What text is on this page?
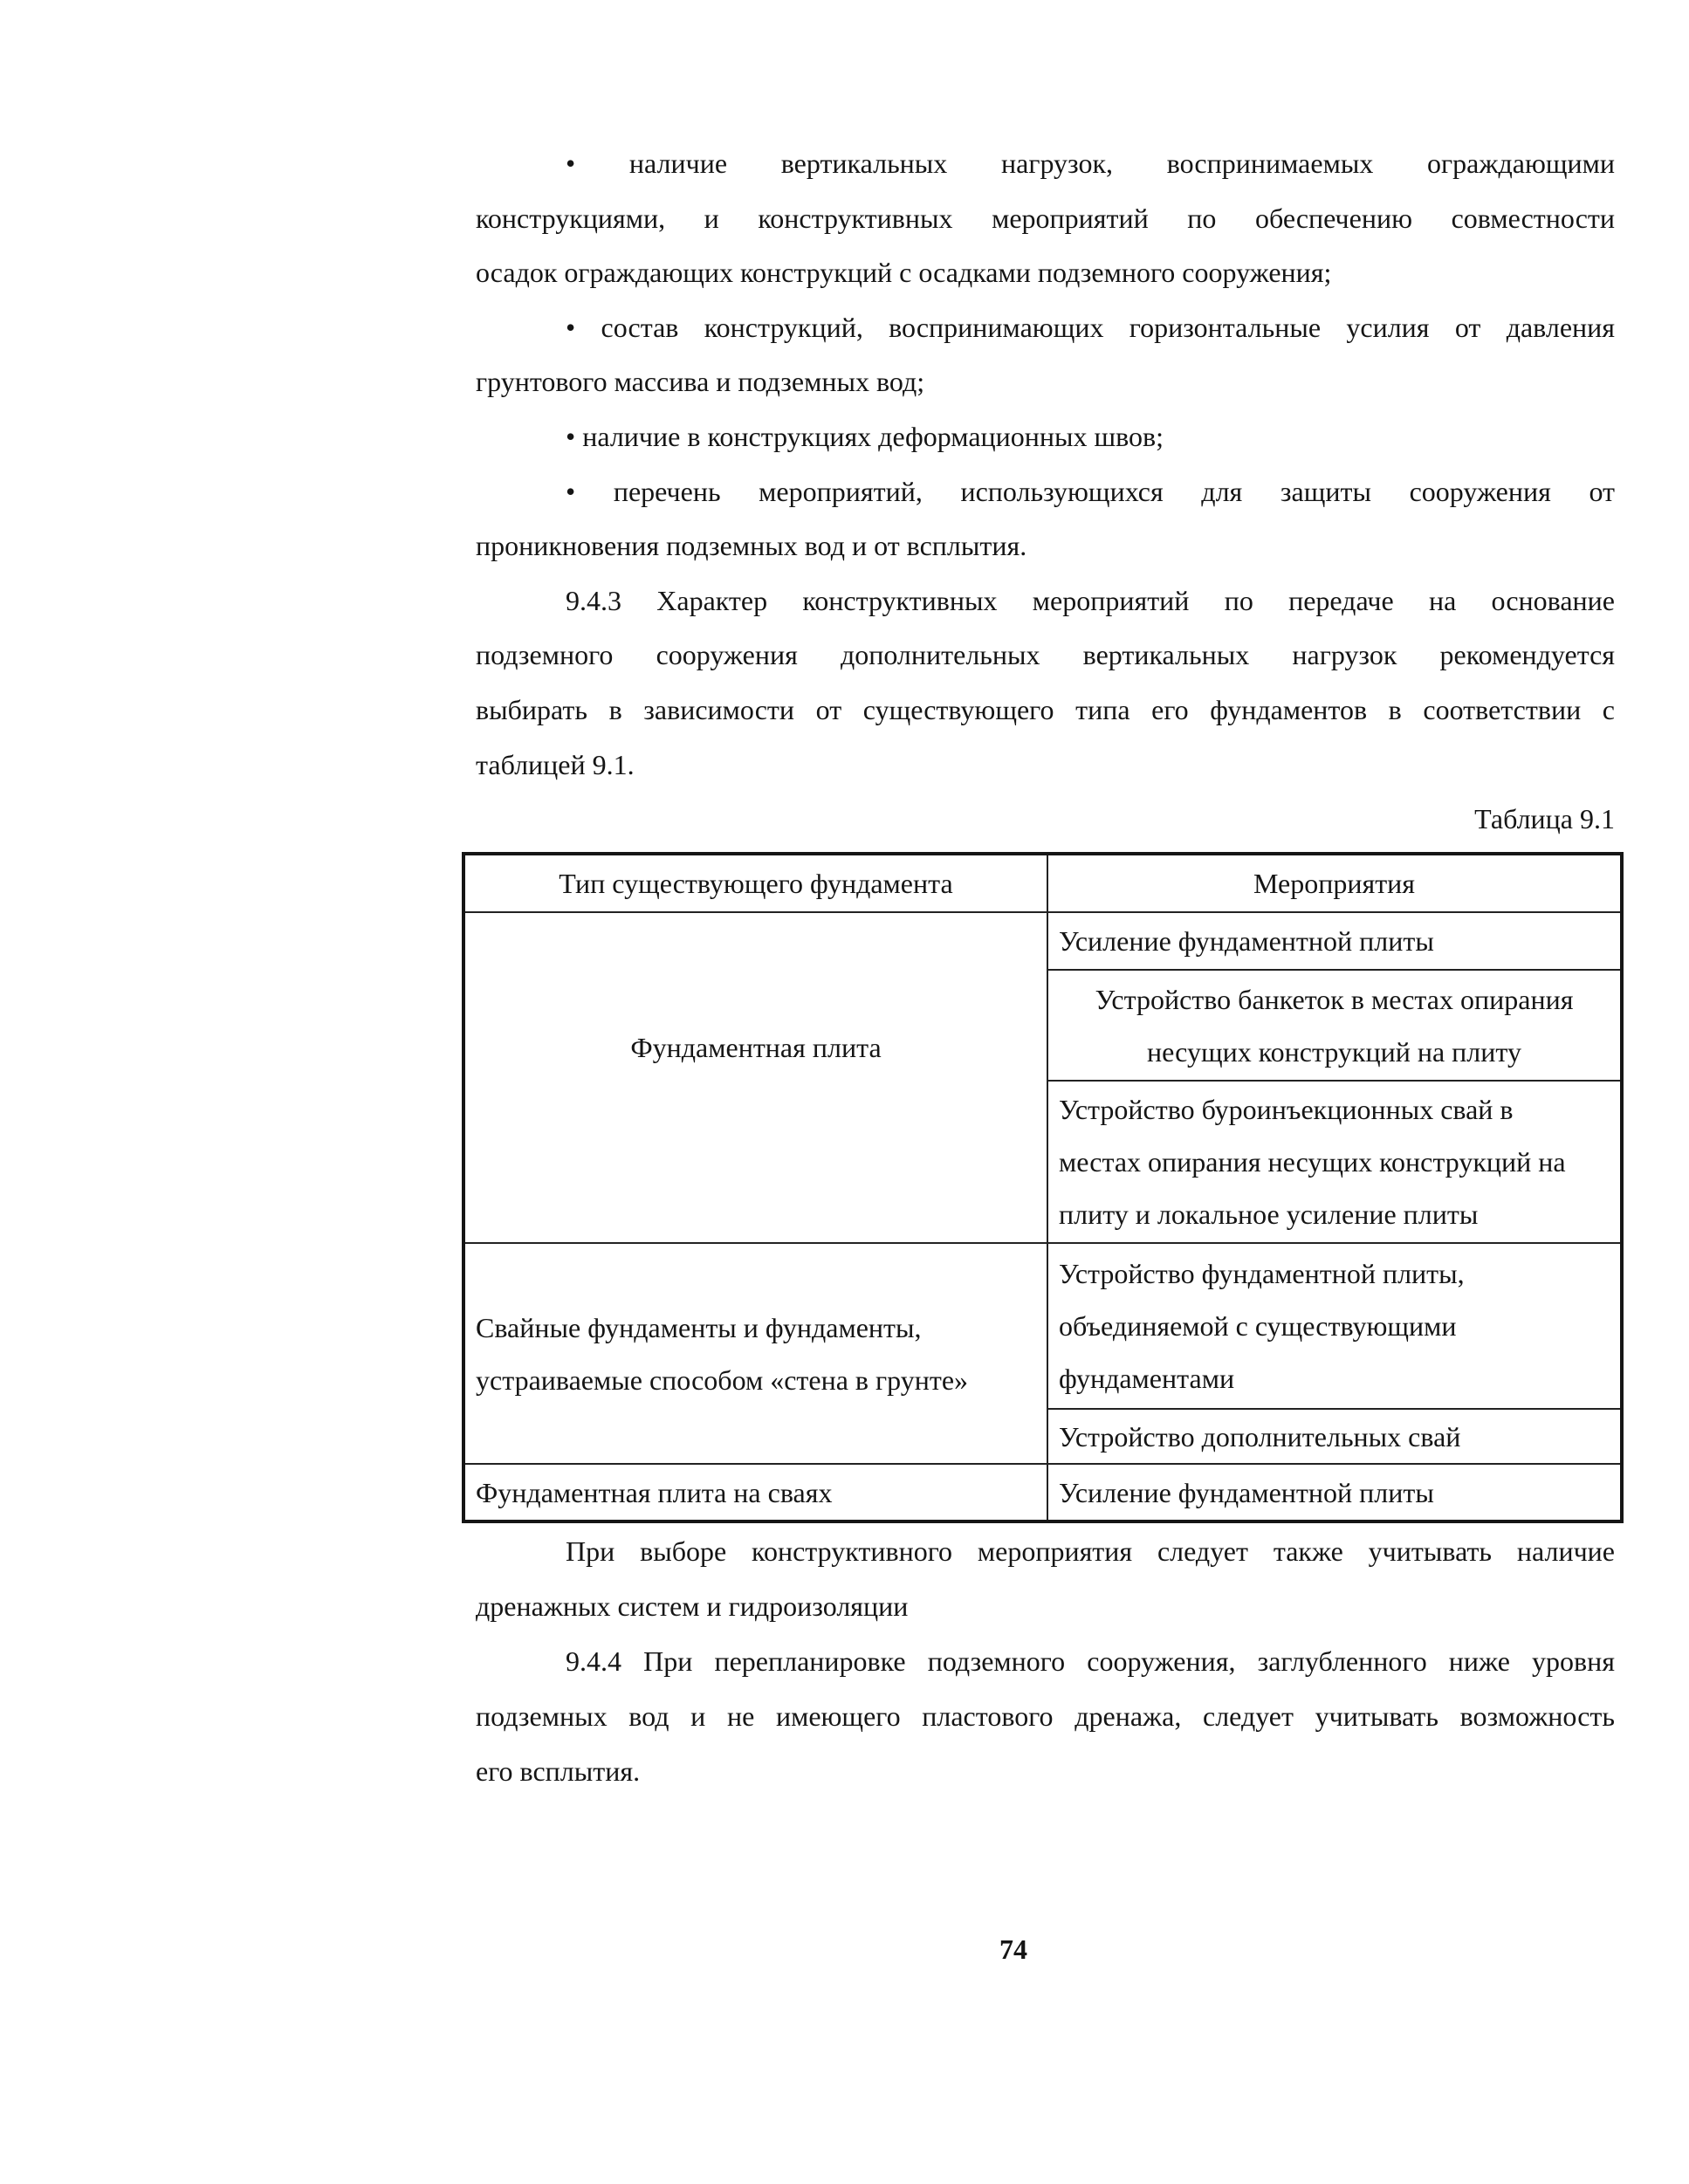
• наличие вертикальных нагрузок, воспринимаемых ограждающими
конструкциями, и конструктивных мероприятий по обеспечению совместности
осадок ограждающих конструкций с осадками подземного сооружения;
• состав конструкций, воспринимающих горизонтальные усилия от давления
грунтового массива и подземных вод;
• наличие в конструкциях деформационных швов;
• перечень мероприятий, использующихся для защиты сооружения от
проникновения подземных вод и от всплытия.
9.4.3 Характер конструктивных мероприятий по передаче на основание
подземного сооружения дополнительных вертикальных нагрузок рекомендуется
выбирать в зависимости от существующего типа его фундаментов в соответствии с
таблицей 9.1.
Таблица 9.1
Тип существующего фундамента	Мероприятия

Фундаментная плита	Усиление фундаментной плиты

	Устройство банкеток в местах опирания
несущих конструкций на плиту

	Устройство буроинъекционных свай в
местах опирания несущих конструкций на
плиту и локальное усиление плиты

Свайные фундаменты и фундаменты,
устраиваемые способом «стена в грунте»	Устройство фундаментной плиты,
объединяемой с существующими
фундаментами

	Устройство дополнительных свай

Фундаментная плита на сваях	Усиление фундаментной плиты
При выборе конструктивного мероприятия следует также учитывать наличие
дренажных систем и гидроизоляции
9.4.4 При перепланировке подземного сооружения, заглубленного ниже уровня
подземных вод и не имеющего пластового дренажа, следует учитывать возможность
его всплытия.
74
